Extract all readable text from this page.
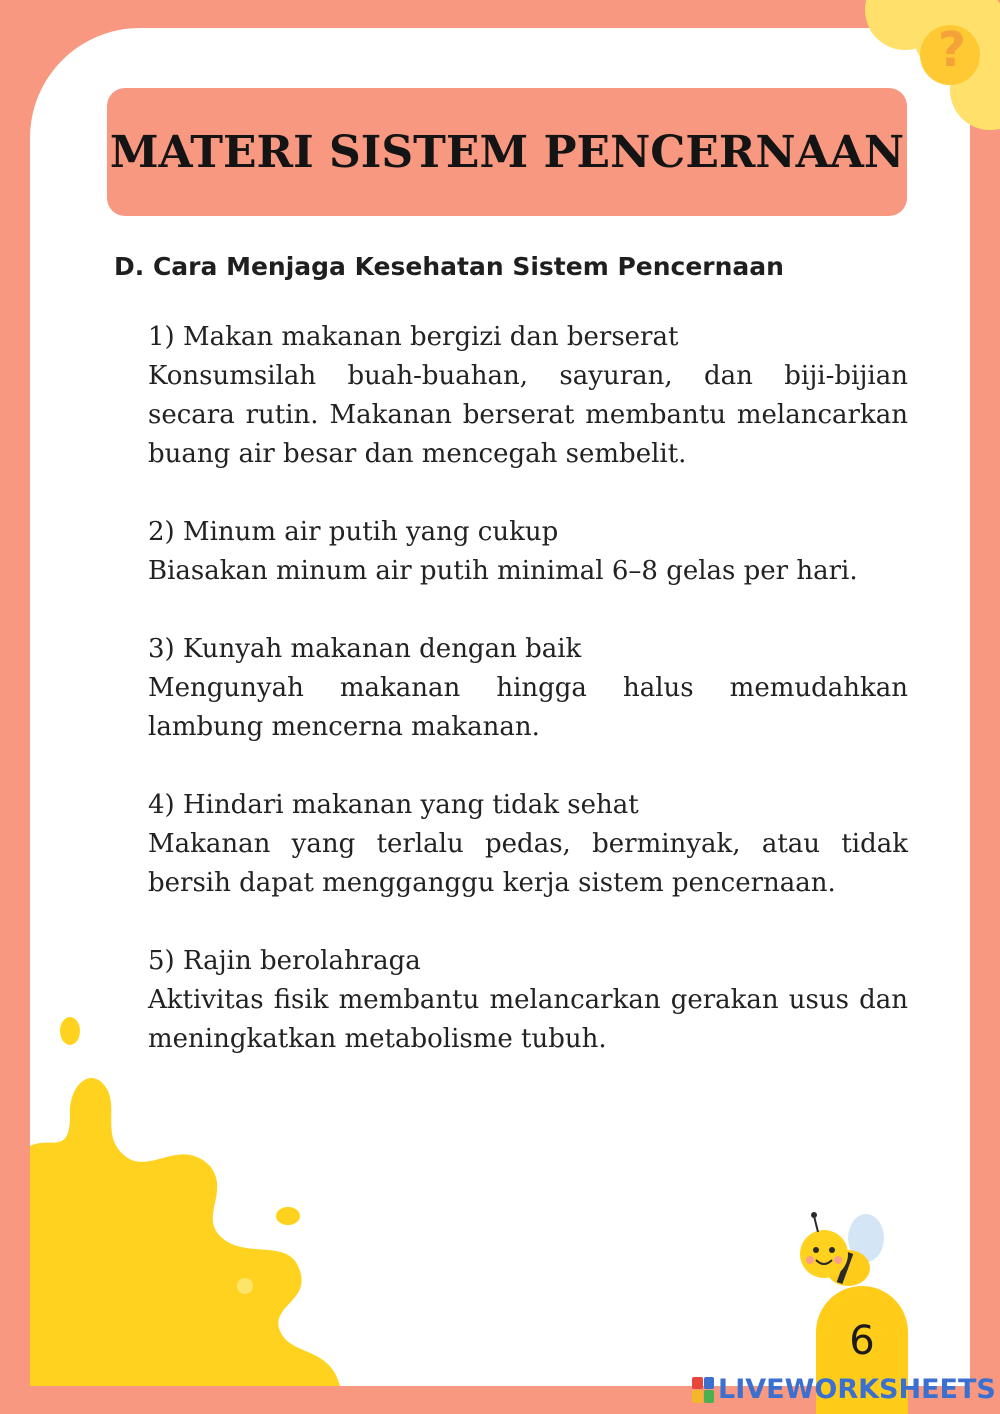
?
MATERI SISTEM PENCERNAAN
D. Cara Menjaga Kesehatan Sistem Pencernaan
1) Makan makanan bergizi dan berserat
Konsumsilah buah-buahan, sayuran, dan biji-bijian secara rutin. Makanan berserat membantu melancarkan buang air besar dan mencegah sembelit.
2) Minum air putih yang cukup
Biasakan minum air putih minimal 6–8 gelas per hari.
3) Kunyah makanan dengan baik
Mengunyah makanan hingga halus memudahkan lambung mencerna makanan.
4) Hindari makanan yang tidak sehat
Makanan yang terlalu pedas, berminyak, atau tidak bersih dapat mengganggu kerja sistem pencernaan.
5) Rajin berolahraga
Aktivitas fisik membantu melancarkan gerakan usus dan meningkatkan metabolisme tubuh.
6
LIVEWORKSHEETS
